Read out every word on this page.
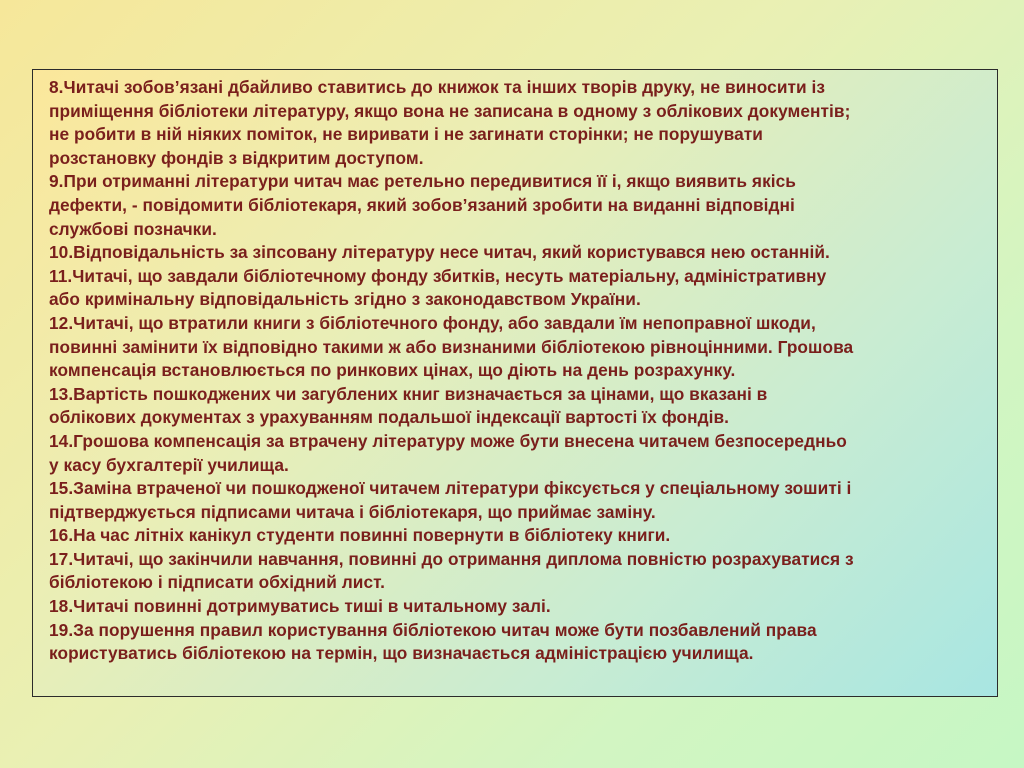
8.Читачі зобов’язані дбайливо ставитись до книжок та інших творів друку, не виносити із
приміщення бібліотеки літературу, якщо вона не записана в одному з облікових документів;
не робити в ній ніяких поміток, не виривати і не загинати сторінки; не порушувати
розстановку фондів з відкритим доступом.
9.При отриманні літератури читач має ретельно передивитися її і, якщо виявить якісь
дефекти, - повідомити бібліотекаря, який зобов’язаний зробити на виданні відповідні
службові позначки.
10.Відповідальність за зіпсовану літературу несе читач, який користувався нею останній.
11.Читачі, що завдали бібліотечному фонду збитків, несуть матеріальну, адміністративну
або кримінальну відповідальність згідно з законодавством України.
12.Читачі, що втратили книги з бібліотечного фонду, або завдали їм непоправної шкоди,
повинні замінити їх відповідно такими ж або визнаними бібліотекою рівноцінними. Грошова
компенсація встановлюється по ринкових цінах, що діють на день розрахунку.
13.Вартість пошкоджених чи загублених книг визначається за цінами, що вказані в
облікових документах з урахуванням подальшої індексації вартості їх фондів.
14.Грошова компенсація за втрачену літературу може бути внесена читачем безпосередньо
у касу бухгалтерії училища.
15.Заміна втраченої чи пошкодженої читачем літератури фіксується у спеціальному зошиті і
підтверджується підписами читача і бібліотекаря, що приймає заміну.
16.На час літніх канікул студенти повинні повернути в бібліотеку книги.
17.Читачі, що закінчили навчання, повинні до отримання диплома повністю розрахуватися з
бібліотекою і підписати обхідний лист.
18.Читачі повинні дотримуватись тиші в читальному залі.
19.За порушення правил користування бібліотекою читач може бути позбавлений права
користуватись бібліотекою на термін, що визначається адміністрацією училища.
